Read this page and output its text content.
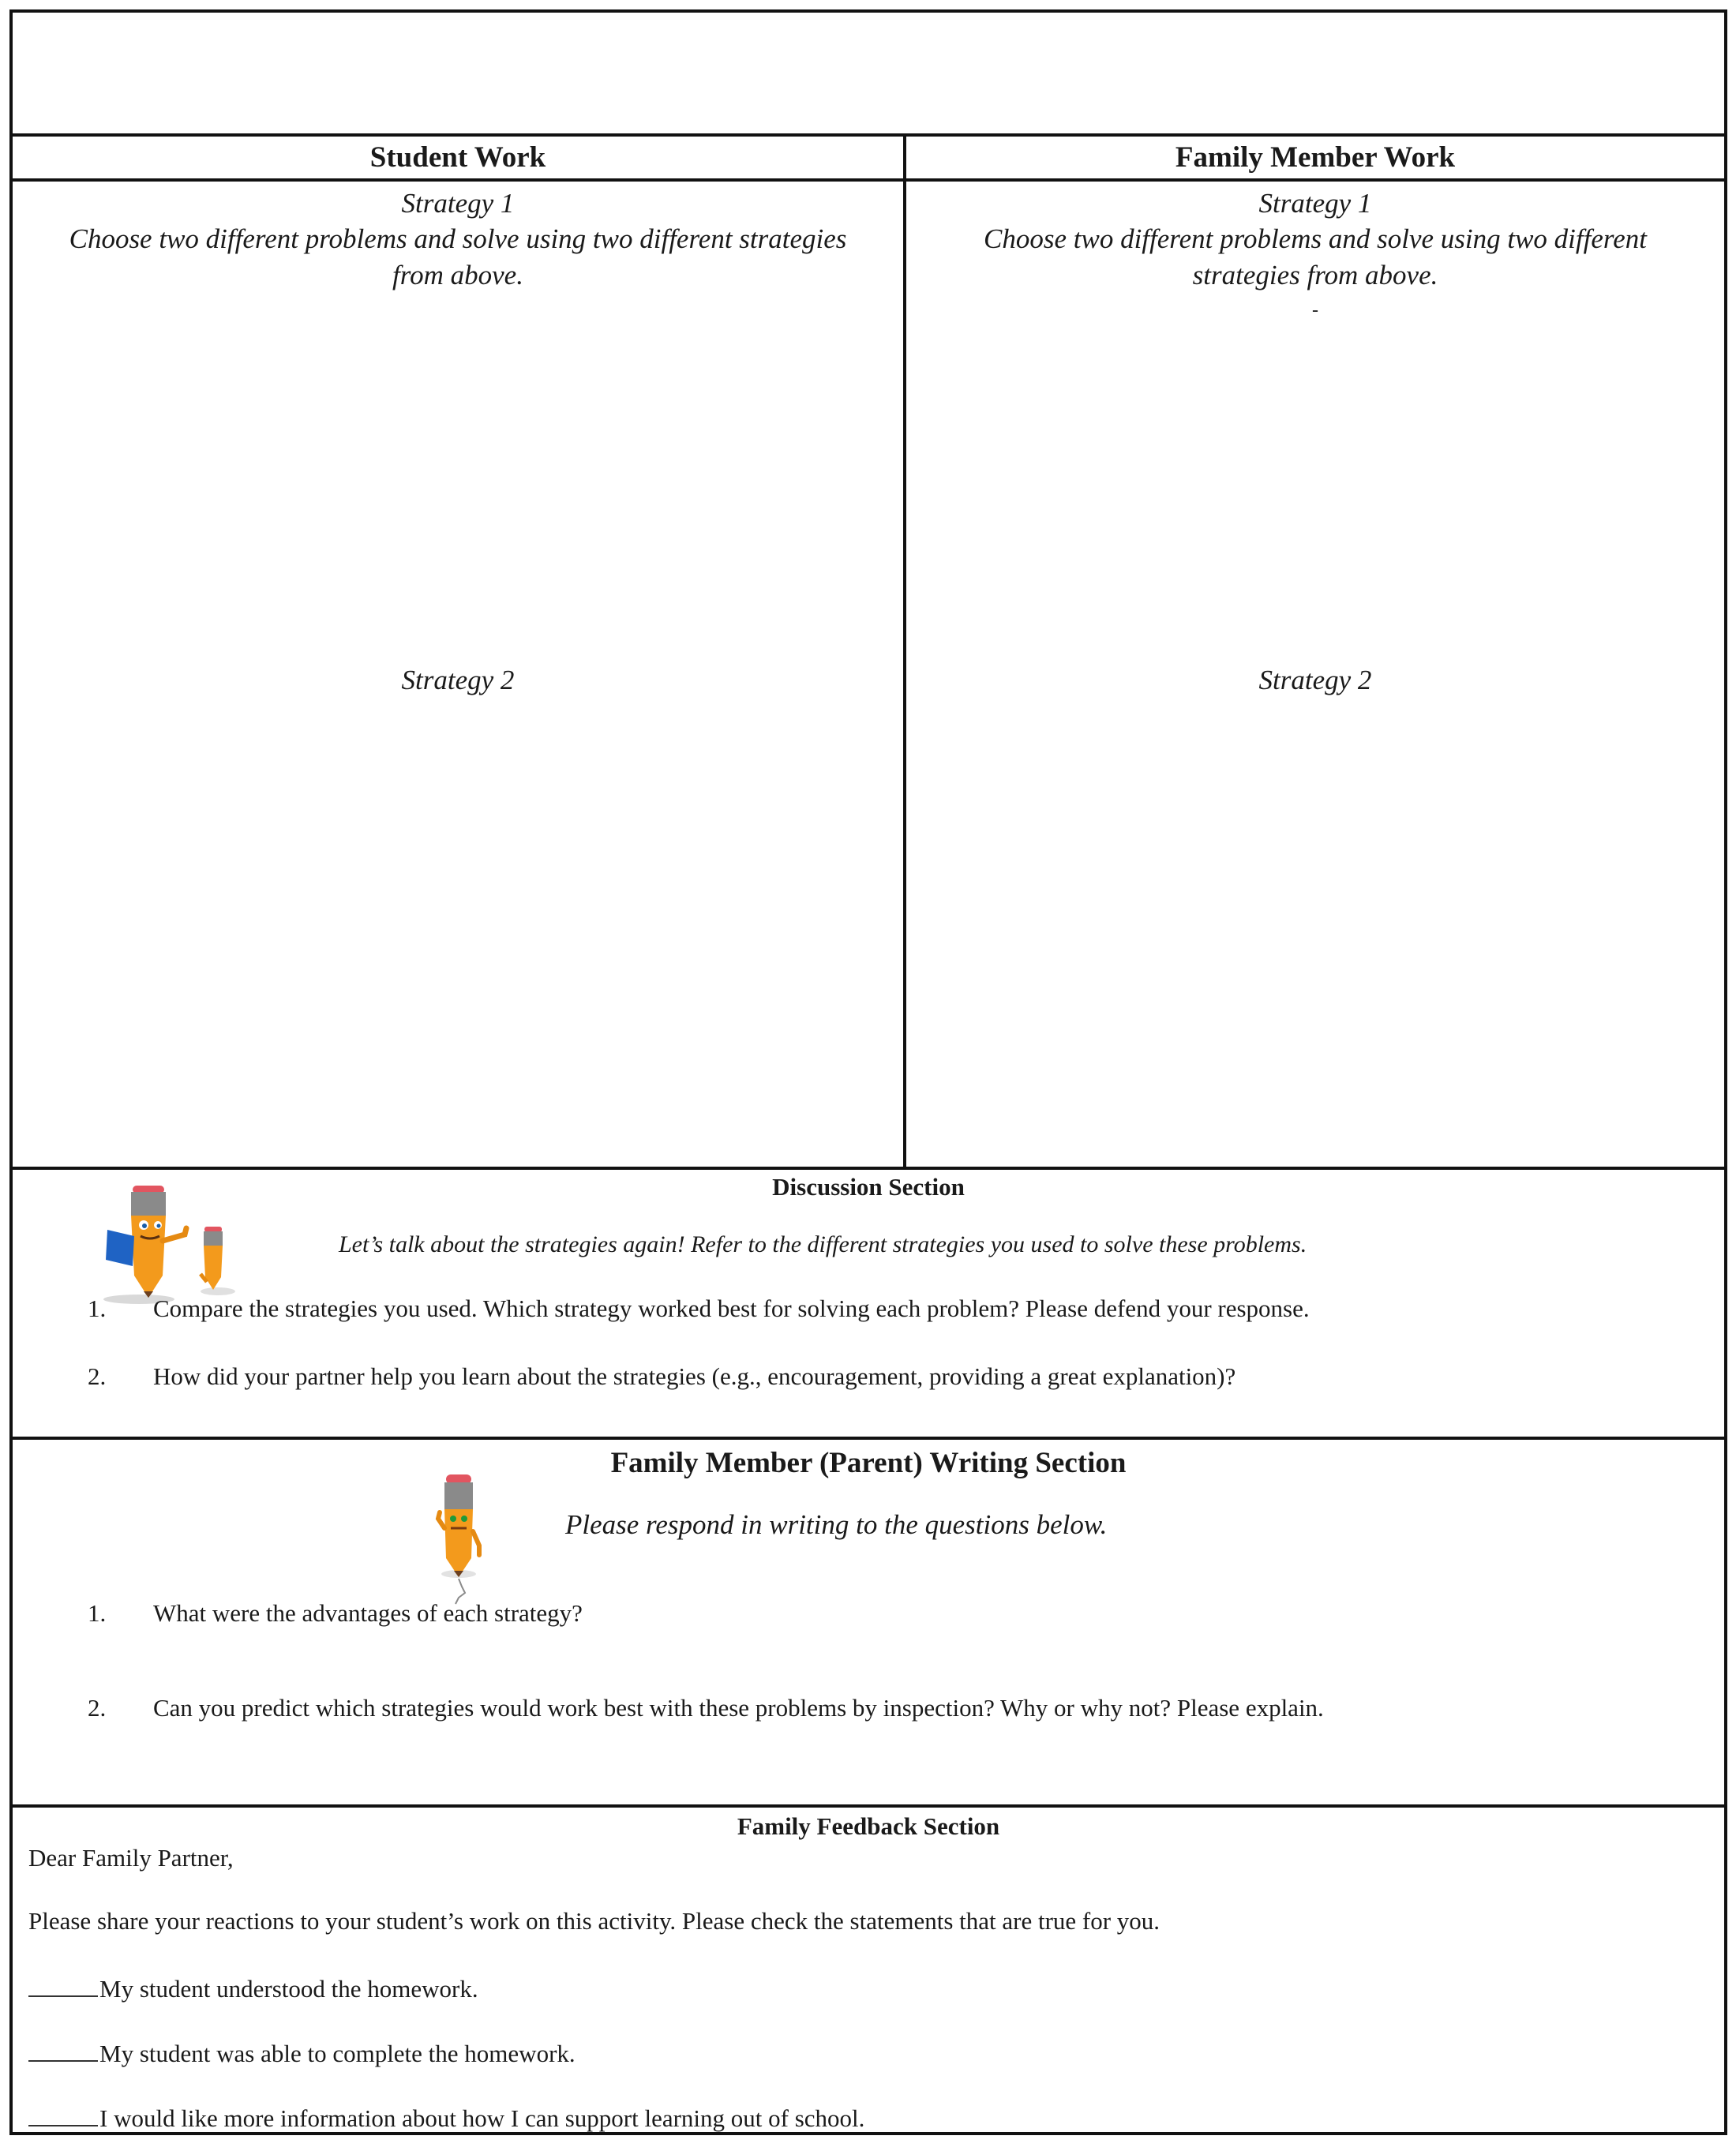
Student Work	Family Member Work
Strategy 1
Choose two different problems and solve using two different strategies from above.
Strategy 2
Strategy 1
Choose two different problems and solve using two different strategies from above.
-
Strategy 2
Discussion Section
Let’s talk about the strategies again! Refer to the different strategies you used to solve these problems.
1. Compare the strategies you used. Which strategy worked best for solving each problem? Please defend your response.
2. How did your partner help you learn about the strategies (e.g., encouragement, providing a great explanation)?
Family Member (Parent) Writing Section
Please respond in writing to the questions below.
1. What were the advantages of each strategy?
2. Can you predict which strategies would work best with these problems by inspection? Why or why not? Please explain.
Family Feedback Section
Dear Family Partner,
Please share your reactions to your student’s work on this activity. Please check the statements that are true for you.
My student understood the homework.
My student was able to complete the homework.
I would like more information about how I can support learning out of school.
